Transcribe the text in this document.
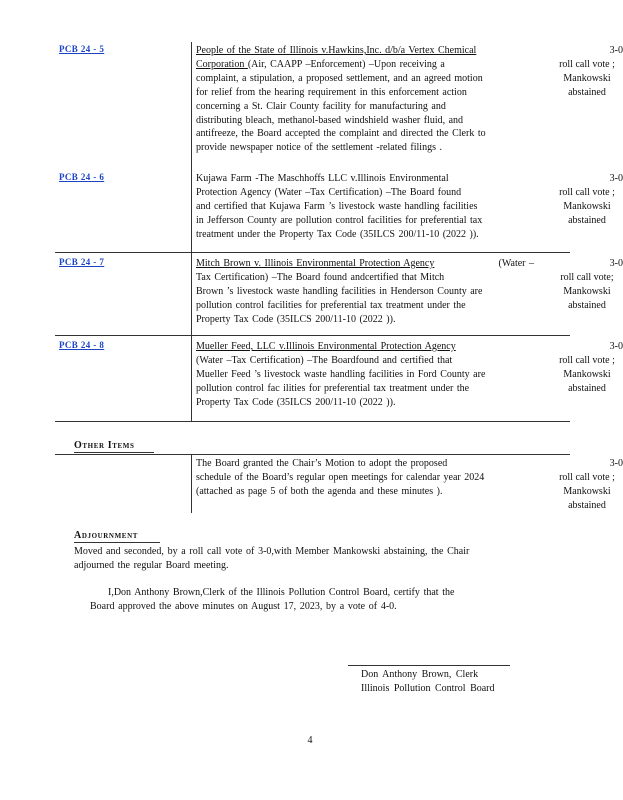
PCB 24 - 5	People of the State of Illinois v.Hawkins,Inc. d/b/a Vertex Chemical
Corporation (Air, CAAPP –Enforcement) –Upon receiving a
complaint, a stipulation, a proposed settlement, and an agreed motion
for relief from the hearing requirement in this enforcement action
concerning a St. Clair County facility for manufacturing and
distributing bleach, methanol-based windshield washer fluid, and
antifreeze, the Board accepted the complaint and directed the Clerk to
provide newspaper notice of the settlement -related filings .
3-0
roll call vote ;
Mankowski
abstained
PCB 24 - 6	Kujawa Farm -The Maschhoffs LLC v.Illinois Environmental
Protection Agency (Water –Tax Certification) –The Board found
and certified that Kujawa Farm ’s livestock waste handling facilities
in Jefferson County are pollution control facilities for preferential tax
treatment under the Property Tax Code (35ILCS 200/11-10 (2022 )).
3-0
roll call vote ;
Mankowski
abstained
PCB 24 - 7	Mitch Brown v. Illinois Environmental Protection Agency	(Water –
Tax Certification) –The Board found andcertified that Mitch
Brown ’s livestock waste handling facilities in Henderson County are
pollution control facilities for preferential tax treatment under the
Property Tax Code (35ILCS 200/11-10 (2022 )).
3-0
roll call vote;
Mankowski
abstained
PCB 24 - 8	Mueller Feed, LLC v.Illinois Environmental Protection Agency
(Water –Tax Certification) –The Boardfound and certified that
Mueller Feed ’s livestock waste handling facilities in Ford County are
pollution control fac ilities for preferential tax treatment under the
Property Tax Code (35ILCS 200/11-10 (2022 )).
3-0
roll call vote ;
Mankowski
abstained
Other Items
The Board granted the Chair’s Motion to adopt the proposed
schedule of the Board’s regular open meetings for calendar year 2024
(attached as page 5 of both the agenda and these minutes ).
3-0
roll call vote ;
Mankowski
abstained
Adjournment
Moved and seconded, by a roll call vote of 3-0,with Member Mankowski abstaining, the Chair
adjourned the regular Board meeting.
I,Don Anthony Brown,Clerk of the Illinois Pollution Control Board, certify that the
Board approved the above minutes on August 17, 2023, by a vote of 4-0.
Don Anthony Brown, Clerk
Illinois Pollution Control Board
4
